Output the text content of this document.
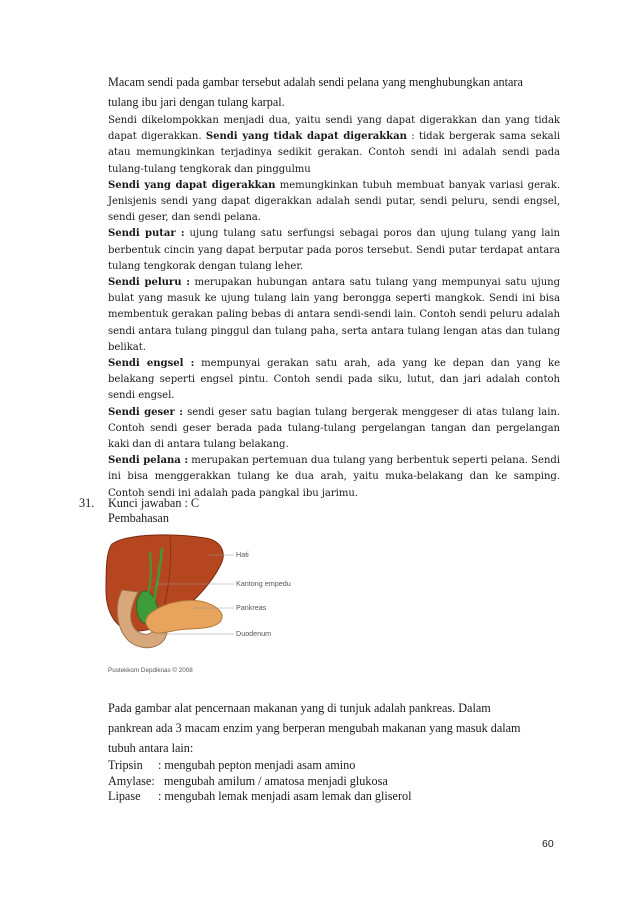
Macam sendi pada gambar tersebut adalah sendi pelana yang menghubungkan antara

tulang ibu jari dengan tulang karpal.

Sendi dikelompokkan menjadi dua, yaitu sendi yang dapat digerakkan dan yang tidak dapat digerakkan. Sendi yang tidak dapat digerakkan : tidak bergerak sama sekali atau memungkinkan terjadinya sedikit gerakan. Contoh sendi ini adalah sendi pada tulang-tulang tengkorak dan pinggulmu

Sendi yang dapat digerakkan memungkinkan tubuh membuat banyak variasi gerak. Jenisjenis sendi yang dapat digerakkan adalah sendi putar, sendi peluru, sendi engsel, sendi geser, dan sendi pelana.

Sendi putar : ujung tulang satu serfungsi sebagai poros dan ujung tulang yang lain berbentuk cincin yang dapat berputar pada poros tersebut. Sendi putar terdapat antara tulang tengkorak dengan tulang leher.

Sendi peluru : merupakan hubungan antara satu tulang yang mempunyai satu ujung bulat yang masuk ke ujung tulang lain yang berongga seperti mangkok. Sendi ini bisa membentuk gerakan paling bebas di antara sendi-sendi lain. Contoh sendi peluru adalah sendi antara tulang pinggul dan tulang paha, serta antara tulang lengan atas dan tulang belikat.

Sendi engsel : mempunyai gerakan satu arah, ada yang ke depan dan yang ke belakang seperti engsel pintu. Contoh sendi pada siku, lutut, dan jari adalah contoh sendi engsel.

Sendi geser : sendi geser satu bagian tulang bergerak menggeser di atas tulang lain. Contoh sendi geser berada pada tulang-tulang pergelangan tangan dan pergelangan kaki dan di antara tulang belakang.

Sendi pelana : merupakan pertemuan dua tulang yang berbentuk seperti pelana. Sendi ini bisa menggerakkan tulang ke dua arah, yaitu muka-belakang dan ke samping. Contoh sendi ini adalah pada pangkal ibu jarimu.

31. Kunci jawaban : C
Pembahasan
Hati
Kantong empedu
Pankreas
Duodenum
Pustekkom Depdiknas © 2008

Pada gambar alat pencernaan makanan yang di tunjuk adalah pankreas. Dalam

pankrean ada 3 macam enzim yang berperan mengubah makanan yang masuk dalam

tubuh antara lain:

Tripsin : mengubah pepton menjadi asam amino
Amylase: mengubah amilum / amatosa menjadi glukosa
Lipase : mengubah lemak menjadi asam lemak dan gliserol
60
